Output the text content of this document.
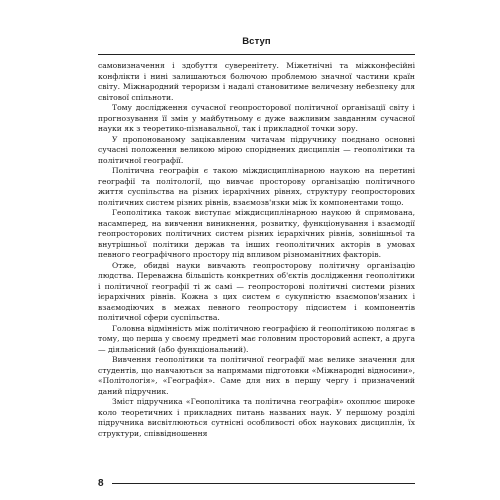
Вступ

самовизначення і здобуття суверенітету. Міжетнічні та міжконфесійні конфлікти і нині залишаються болючою проблемою значної частини країн світу. Міжнародний тероризм і надалі становитиме величезну небезпеку для світової спільноти.

Тому дослідження сучасної геопросторової політичної організації світу і прогнозування її змін у майбутньому є дуже важливим завданням сучасної науки як з теоретико-пізнавальної, так і прикладної точки зору.

У пропонованому зацікавленим читачам підручнику поєднано основні сучасні положення великою мірою споріднених дисциплін — геополітики та політичної географії.

Політична географія є такою міждисциплінарною наукою на перетині географії та політології, що вивчає просторову організацію політичного життя суспільства на різних ієрархічних рівнях, структуру геопросторових політичних систем різних рівнів, взаємозв'язки між їх компонентами тощо.

Геополітика також виступає міждисциплінарною наукою й спрямована, насамперед, на вивчення виникнення, розвитку, функціонування і взаємодії геопросторових політичних систем різних ієрархічних рівнів, зовнішньої та внутрішньої політики держав та інших геополітичних акторів в умовах певного географічного простору під впливом різноманітних факторів.

Отже, обидві науки вивчають геопросторову політичну організацію людства. Переважна більшість конкретних об'єктів дослідження геополітики і політичної географії ті ж самі — геопросторові політичні системи різних ієрархічних рівнів. Кожна з цих систем є сукупністю взаємопов'язаних і взаємодіючих в межах певного геопростору підсистем і компонентів політичної сфери суспільства.

Головна відмінність між політичною географією й геополітикою полягає в тому, що перша у своєму предметі має головним просторовий аспект, а друга — діяльнісний (або функціональний).

Вивчення геополітики та політичної географії має велике значення для студентів, що навчаються за напрямами підготовки «Міжнародні відносини», «Політологія», «Географія». Саме для них в першу чергу і призначений даний підручник.

Зміст підручника «Геополітика та політична географія» охоплює широке коло теоретичних і прикладних питань названих наук. У першому розділі підручника висвітлюються сутнісні особливості обох наукових дисциплін, їх структури, співвідношення

8
